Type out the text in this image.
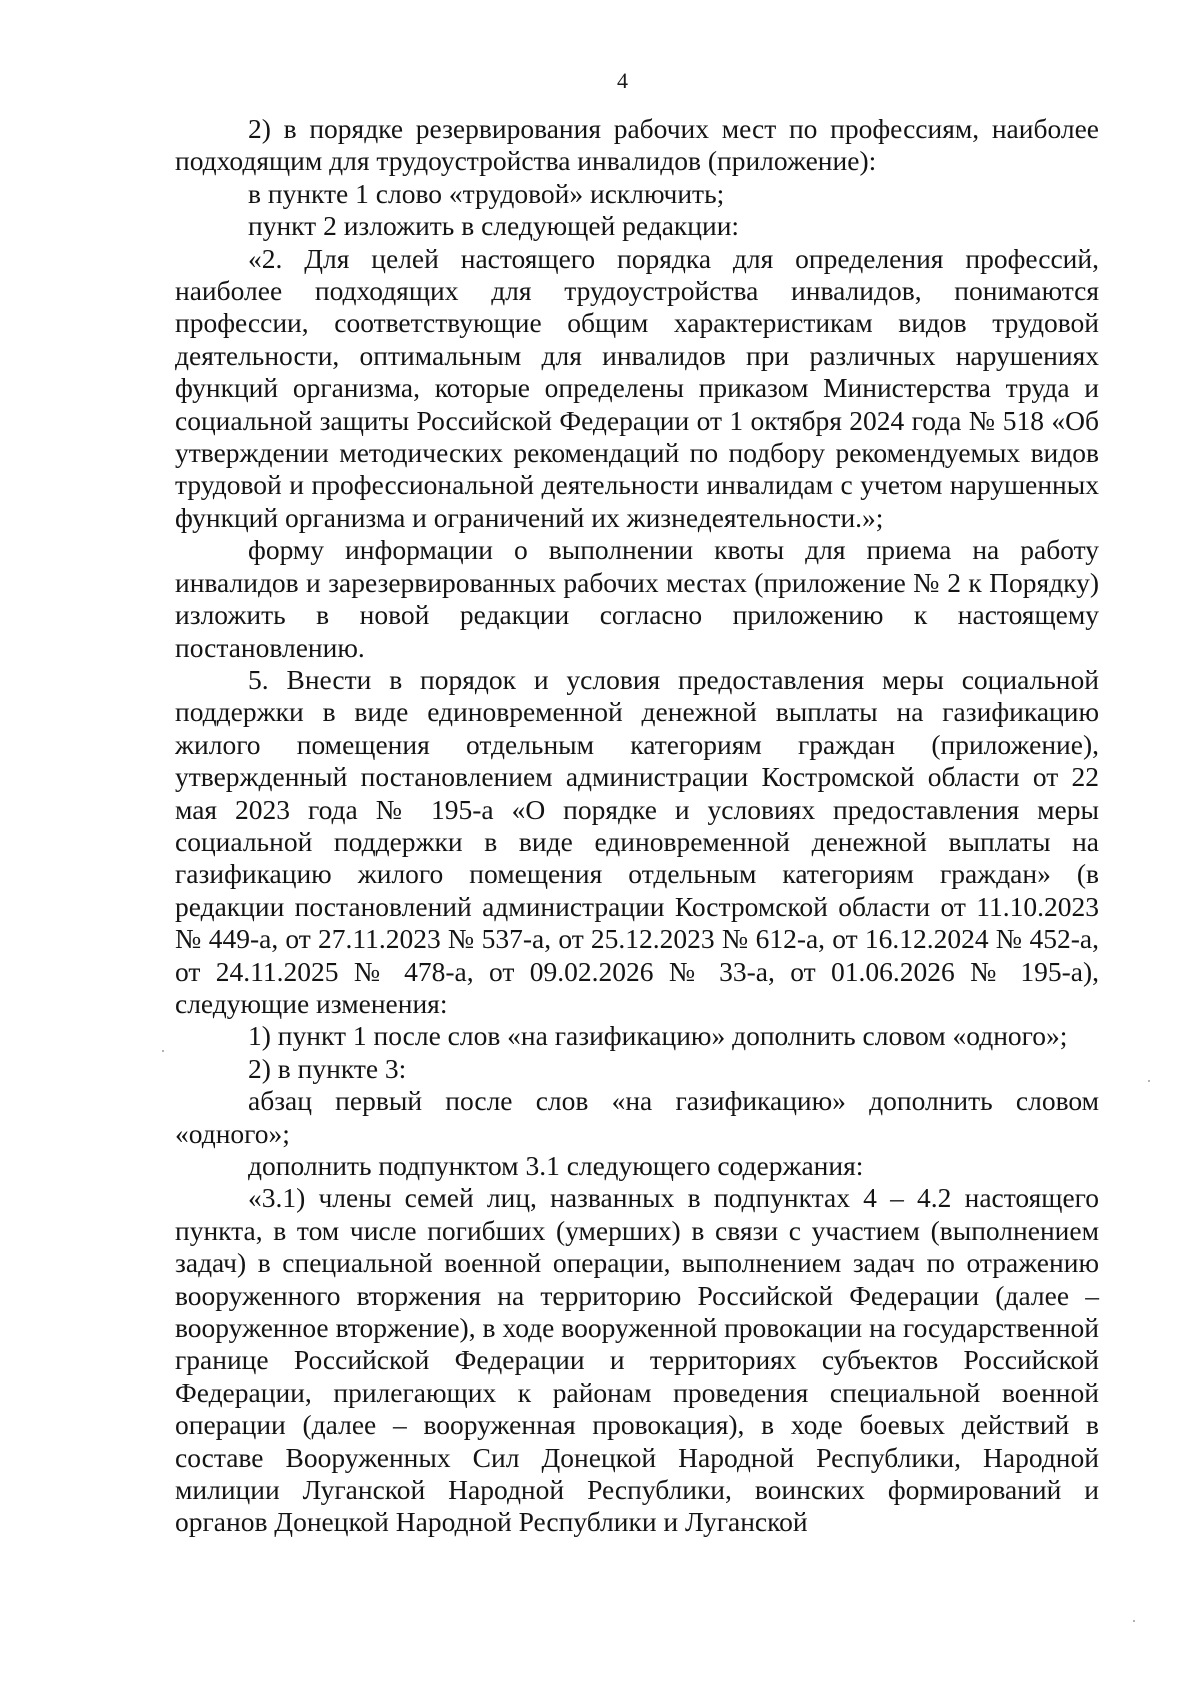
4

2) в порядке резервирования рабочих мест по профессиям, наиболее подходящим для трудоустройства инвалидов (приложение):

в пункте 1 слово «трудовой» исключить;

пункт 2 изложить в следующей редакции:

«2. Для целей настоящего порядка для определения профессий, наиболее подходящих для трудоустройства инвалидов, понимаются профессии, соответствующие общим характеристикам видов трудовой деятельности, оптимальным для инвалидов при различных нарушениях функций организма, которые определены приказом Министерства труда и социальной защиты Российской Федерации от 1 октября 2024 года № 518 «Об утверждении методических рекомендаций по подбору рекомендуемых видов трудовой и профессиональной деятельности инвалидам с учетом нарушенных функций организма и ограничений их жизнедеятельности.»;

форму информации о выполнении квоты для приема на работу инвалидов и зарезервированных рабочих местах (приложение № 2 к Порядку) изложить в новой редакции согласно приложению к настоящему постановлению.

5. Внести в порядок и условия предоставления меры социальной поддержки в виде единовременной денежной выплаты на газификацию жилого помещения отдельным категориям граждан (приложение), утвержденный постановлением администрации Костромской области от 22 мая 2023 года № 195-а «О порядке и условиях предоставления меры социальной поддержки в виде единовременной денежной выплаты на газификацию жилого помещения отдельным категориям граждан» (в редакции постановлений администрации Костромской области от 11.10.2023 № 449-а, от 27.11.2023 № 537-а, от 25.12.2023 № 612-а, от 16.12.2024 № 452-а, от 24.11.2025 № 478-а, от 09.02.2026 № 33-а, от 01.06.2026 № 195-а), следующие изменения:

1) пункт 1 после слов «на газификацию» дополнить словом «одного»;

2) в пункте 3:

абзац первый после слов «на газификацию» дополнить словом «одного»;

дополнить подпунктом 3.1 следующего содержания:

«3.1) члены семей лиц, названных в подпунктах 4 – 4.2 настоящего пункта, в том числе погибших (умерших) в связи с участием (выполнением задач) в специальной военной операции, выполнением задач по отражению вооруженного вторжения на территорию Российской Федерации (далее – вооруженное вторжение), в ходе вооруженной провокации на государственной границе Российской Федерации и территориях субъектов Российской Федерации, прилегающих к районам проведения специальной военной операции (далее – вооруженная провокация), в ходе боевых действий в составе Вооруженных Сил Донецкой Народной Республики, Народной милиции Луганской Народной Республики, воинских формирований и органов Донецкой Народной Республики и Луганской
